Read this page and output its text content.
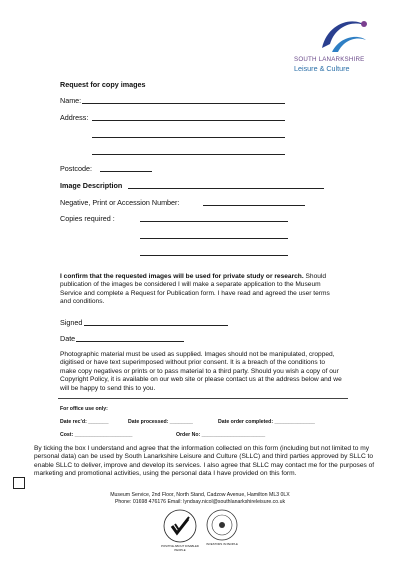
SOUTH LANARKSHIRE
Leisure & Culture
Request for copy images
Name:
Address:
Postcode:
Image Description
Negative, Print or Accession Number:
Copies required :
I confirm that the requested images will be used for private study or research. Should publication of the images be considered I will make a separate application to the Museum Service and complete a Request for Publication form. I have read and agreed the user terms and conditions.
Signed
Date
Photographic material must be used as supplied. Images should not be manipulated, cropped, digitised or have text superimposed without prior consent. It is a breach of the conditions to make copy negatives or prints or to pass material to a third party. Should you wish a copy of our Copyright Policy, it is available on our web site or please contact us at the address below and we will be happy to send this to you.
For office use only:
Date rec’d: _______	Date processed: ________	Date order completed: ______________
Cost: ____________________	Order No: ______________________
By ticking the box I understand and agree that the information collected on this form (including but not limited to my personal data) can be used by South Lanarkshire Leisure and Culture (SLLC) and third parties approved by SLLC to enable SLLC to deliver, improve and develop its services. I also agree that SLLC may contact me for the purposes of marketing and promotional activities, using the personal data I have provided on this form.
Museum Service, 2nd Floor, North Stand, Cadzow Avenue, Hamilton ML3 0LX
Phone: 01698 476176 Email: lyndsay.nicol@southlanarkshireleisure.co.uk
POSITIVE ABOUT DISABLED PEOPLE
INVESTORS IN PEOPLE
